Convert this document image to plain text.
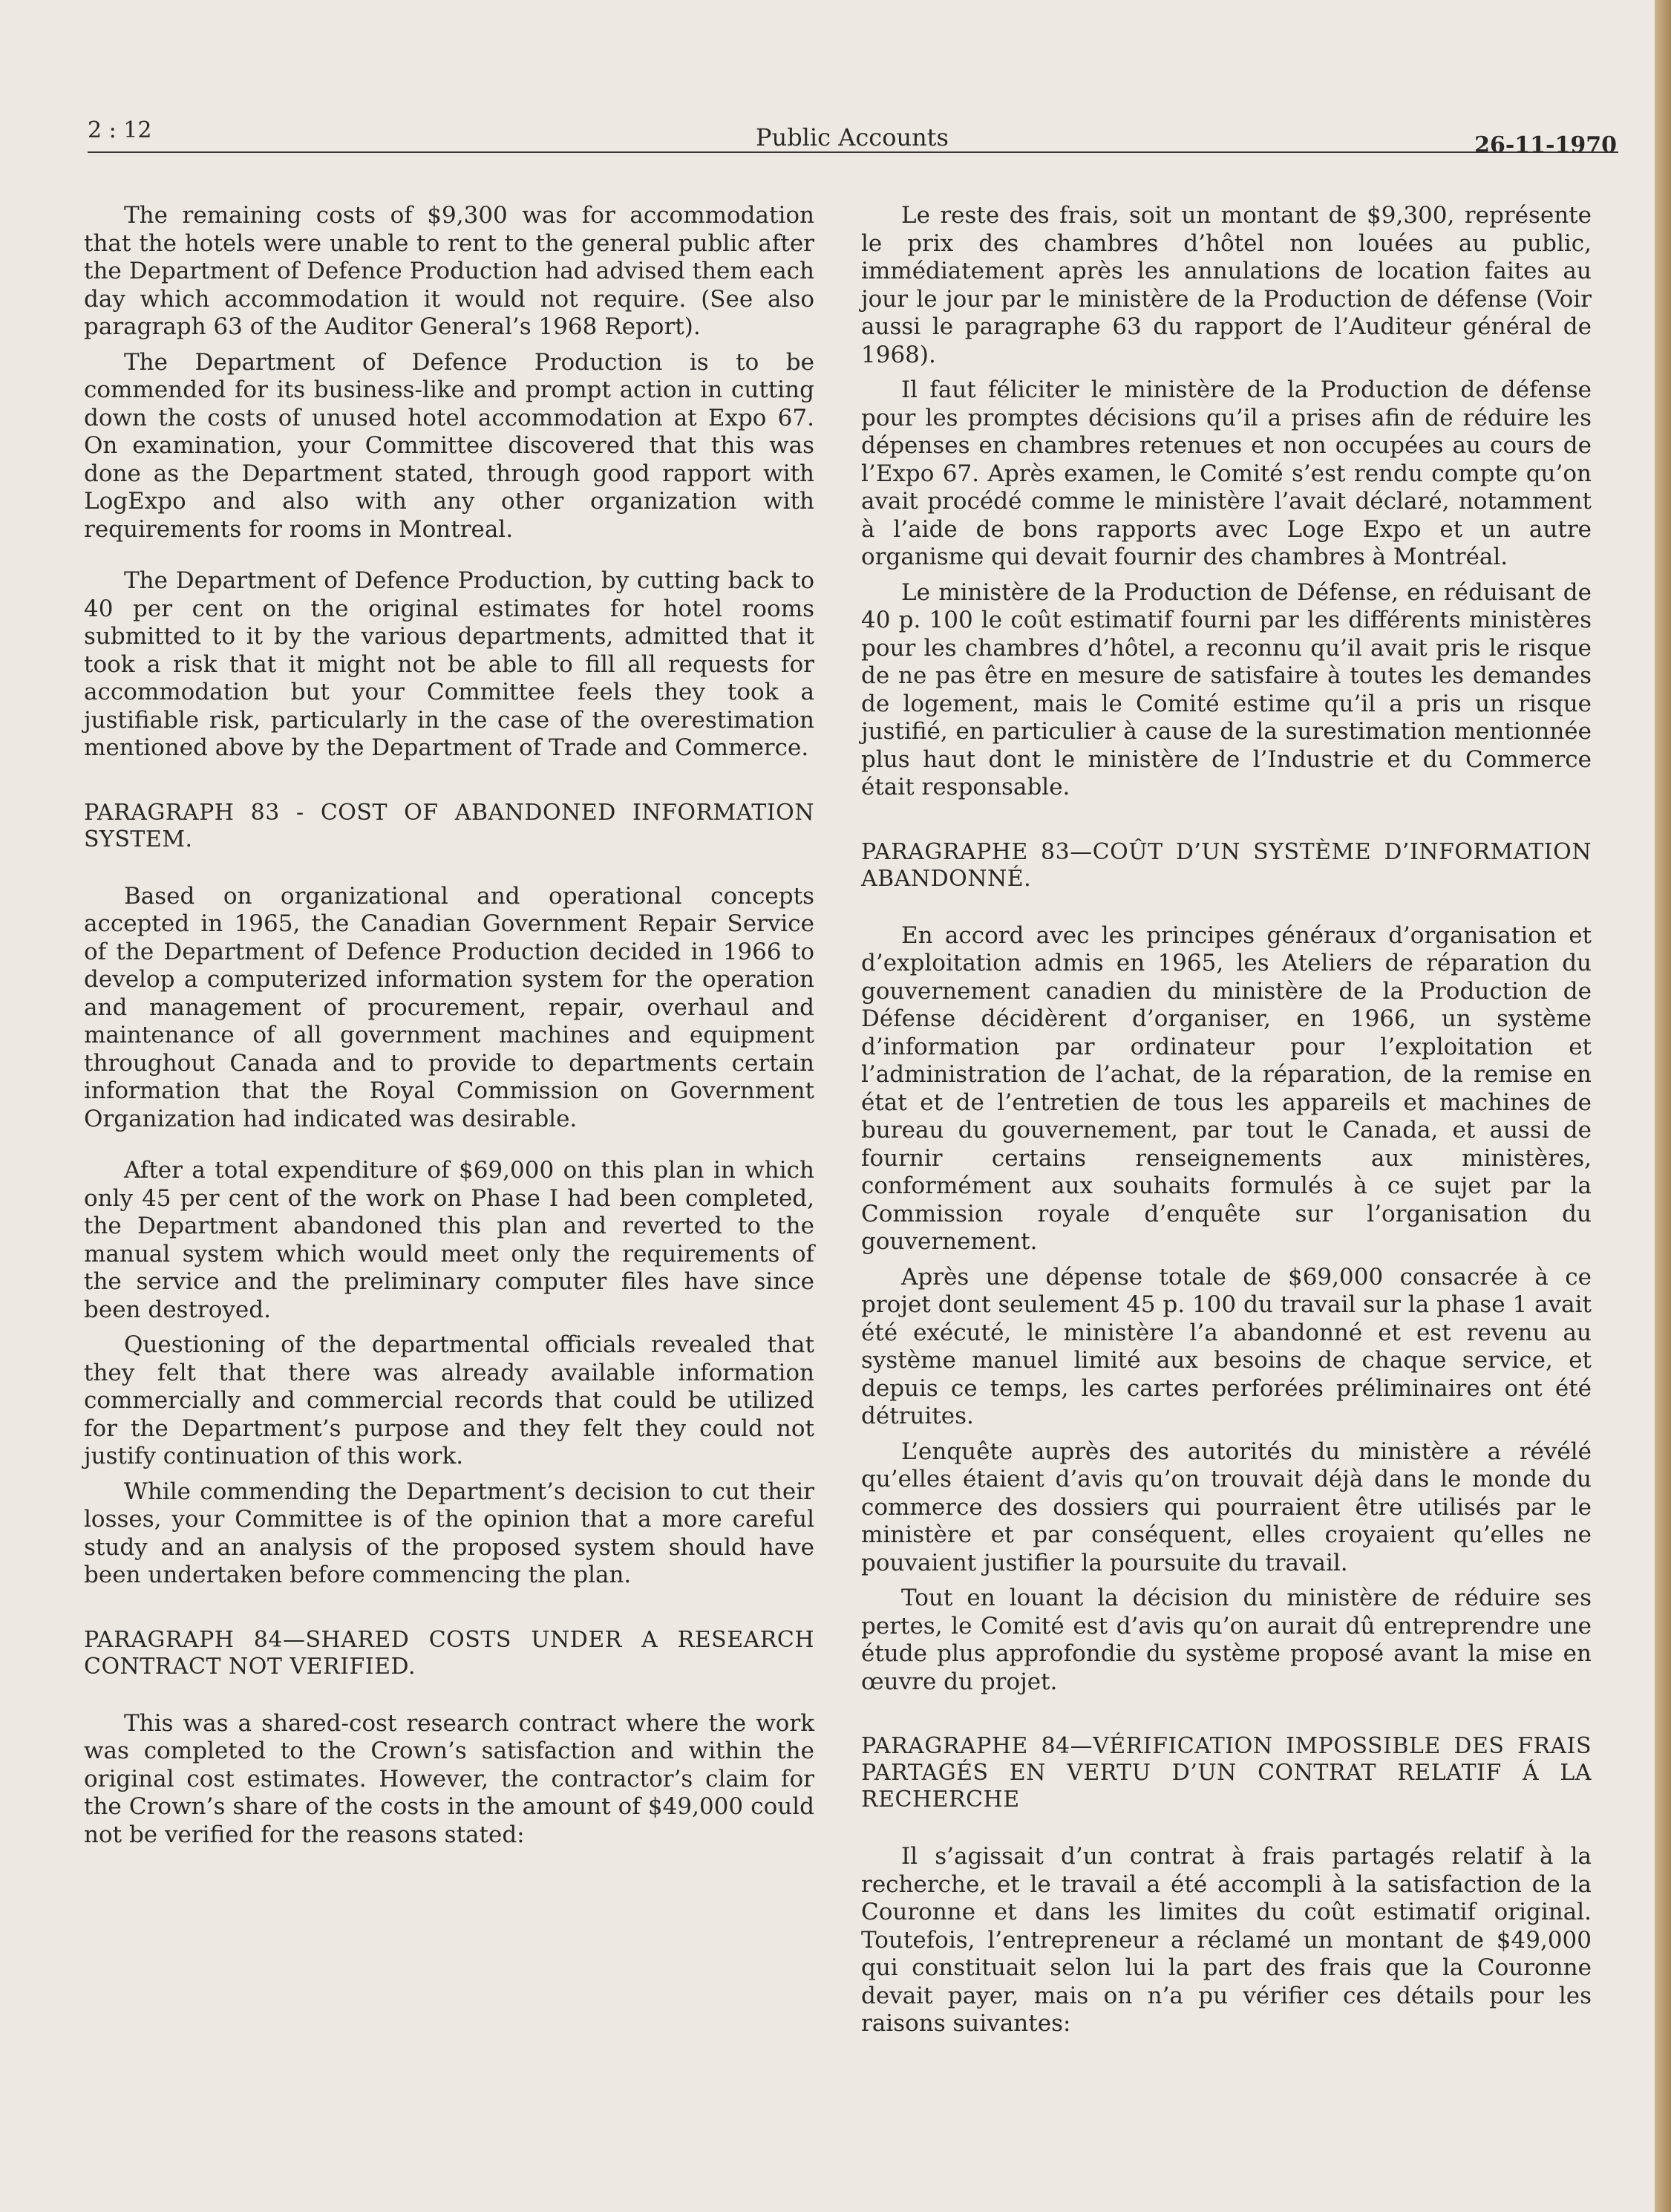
2 : 12	Public Accounts	26-11-1970

The remaining costs of $9,300 was for accommodation that the hotels were unable to rent to the general public after the Department of Defence Production had advised them each day which accommodation it would not require. (See also paragraph 63 of the Auditor General’s 1968 Report).

The Department of Defence Production is to be commended for its business-like and prompt action in cutting down the costs of unused hotel accommodation at Expo 67. On examination, your Committee discovered that this was done as the Department stated, through good rapport with LogExpo and also with any other organization with requirements for rooms in Montreal.

The Department of Defence Production, by cutting back to 40 per cent on the original estimates for hotel rooms submitted to it by the various departments, admitted that it took a risk that it might not be able to fill all requests for accommodation but your Committee feels they took a justifiable risk, particularly in the case of the overestimation mentioned above by the Department of Trade and Commerce.

PARAGRAPH 83 - COST OF ABANDONED INFORMATION SYSTEM.

Based on organizational and operational concepts accepted in 1965, the Canadian Government Repair Service of the Department of Defence Production decided in 1966 to develop a computerized information system for the operation and management of procurement, repair, overhaul and maintenance of all government machines and equipment throughout Canada and to provide to departments certain information that the Royal Commission on Government Organization had indicated was desirable.

After a total expenditure of $69,000 on this plan in which only 45 per cent of the work on Phase I had been completed, the Department abandoned this plan and reverted to the manual system which would meet only the requirements of the service and the preliminary computer files have since been destroyed.

Questioning of the departmental officials revealed that they felt that there was already available information commercially and commercial records that could be utilized for the Department’s purpose and they felt they could not justify continuation of this work.

While commending the Department’s decision to cut their losses, your Committee is of the opinion that a more careful study and an analysis of the proposed system should have been undertaken before commencing the plan.

PARAGRAPH 84—SHARED COSTS UNDER A RESEARCH CONTRACT NOT VERIFIED.

This was a shared-cost research contract where the work was completed to the Crown’s satisfaction and within the original cost estimates. However, the contractor’s claim for the Crown’s share of the costs in the amount of $49,000 could not be verified for the reasons stated:

Le reste des frais, soit un montant de $9,300, représente le prix des chambres d’hôtel non louées au public, immédiatement après les annulations de location faites au jour le jour par le ministère de la Production de défense (Voir aussi le paragraphe 63 du rapport de l’Auditeur général de 1968).

Il faut féliciter le ministère de la Production de défense pour les promptes décisions qu’il a prises afin de réduire les dépenses en chambres retenues et non occupées au cours de l’Expo 67. Après examen, le Comité s’est rendu compte qu’on avait procédé comme le ministère l’avait déclaré, notamment à l’aide de bons rapports avec Loge Expo et un autre organisme qui devait fournir des chambres à Montréal.

Le ministère de la Production de Défense, en réduisant de 40 p. 100 le coût estimatif fourni par les différents ministères pour les chambres d’hôtel, a reconnu qu’il avait pris le risque de ne pas être en mesure de satisfaire à toutes les demandes de logement, mais le Comité estime qu’il a pris un risque justifié, en particulier à cause de la surestimation mentionnée plus haut dont le ministère de l’Industrie et du Commerce était responsable.

PARAGRAPHE 83—COÛT D’UN SYSTÈME D’INFORMATION ABANDONNÉ.

En accord avec les principes généraux d’organisation et d’exploitation admis en 1965, les Ateliers de réparation du gouvernement canadien du ministère de la Production de Défense décidèrent d’organiser, en 1966, un système d’information par ordinateur pour l’exploitation et l’administration de l’achat, de la réparation, de la remise en état et de l’entretien de tous les appareils et machines de bureau du gouvernement, par tout le Canada, et aussi de fournir certains renseignements aux ministères, conformément aux souhaits formulés à ce sujet par la Commission royale d’enquête sur l’organisation du gouvernement.

Après une dépense totale de $69,000 consacrée à ce projet dont seulement 45 p. 100 du travail sur la phase 1 avait été exécuté, le ministère l’a abandonné et est revenu au système manuel limité aux besoins de chaque service, et depuis ce temps, les cartes perforées préliminaires ont été détruites.

L’enquête auprès des autorités du ministère a révélé qu’elles étaient d’avis qu’on trouvait déjà dans le monde du commerce des dossiers qui pourraient être utilisés par le ministère et par conséquent, elles croyaient qu’elles ne pouvaient justifier la poursuite du travail.

Tout en louant la décision du ministère de réduire ses pertes, le Comité est d’avis qu’on aurait dû entreprendre une étude plus approfondie du système proposé avant la mise en œuvre du projet.

PARAGRAPHE 84—VÉRIFICATION IMPOSSIBLE DES FRAIS PARTAGÉS EN VERTU D’UN CONTRAT RELATIF Á LA RECHERCHE

Il s’agissait d’un contrat à frais partagés relatif à la recherche, et le travail a été accompli à la satisfaction de la Couronne et dans les limites du coût estimatif original. Toutefois, l’entrepreneur a réclamé un montant de $49,000 qui constituait selon lui la part des frais que la Couronne devait payer, mais on n’a pu vérifier ces détails pour les raisons suivantes:
